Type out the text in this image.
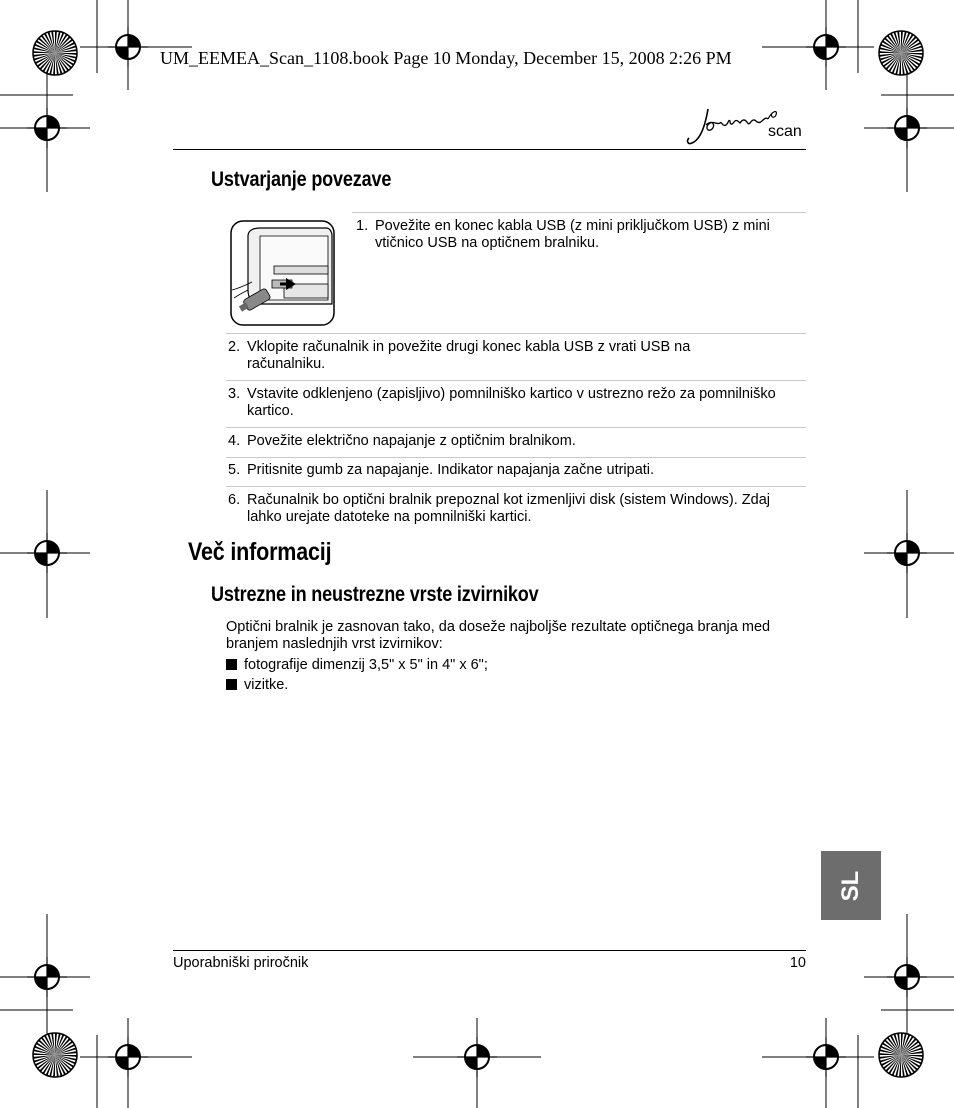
UM_EEMEA_Scan_1108.book Page 10 Monday, December 15, 2008 2:26 PM
scan
Ustvarjanje povezave
1. Povežite en konec kabla USB (z mini priključkom USB) z mini vtičnico USB na optičnem bralniku.
2. Vklopite računalnik in povežite drugi konec kabla USB z vrati USB na računalniku.
3. Vstavite odklenjeno (zapisljivo) pomnilniško kartico v ustrezno režo za pomnilniško kartico.
4. Povežite električno napajanje z optičnim bralnikom.
5. Pritisnite gumb za napajanje. Indikator napajanja začne utripati.
6. Računalnik bo optični bralnik prepoznal kot izmenljivi disk (sistem Windows). Zdaj lahko urejate datoteke na pomnilniški kartici.
Več informacij
Ustrezne in neustrezne vrste izvirnikov
Optični bralnik je zasnovan tako, da doseže najboljše rezultate optičnega branja med branjem naslednjih vrst izvirnikov:
fotografije dimenzij 3,5" x 5" in 4" x 6";
vizitke.
SL
Uporabniški priročnik	10
